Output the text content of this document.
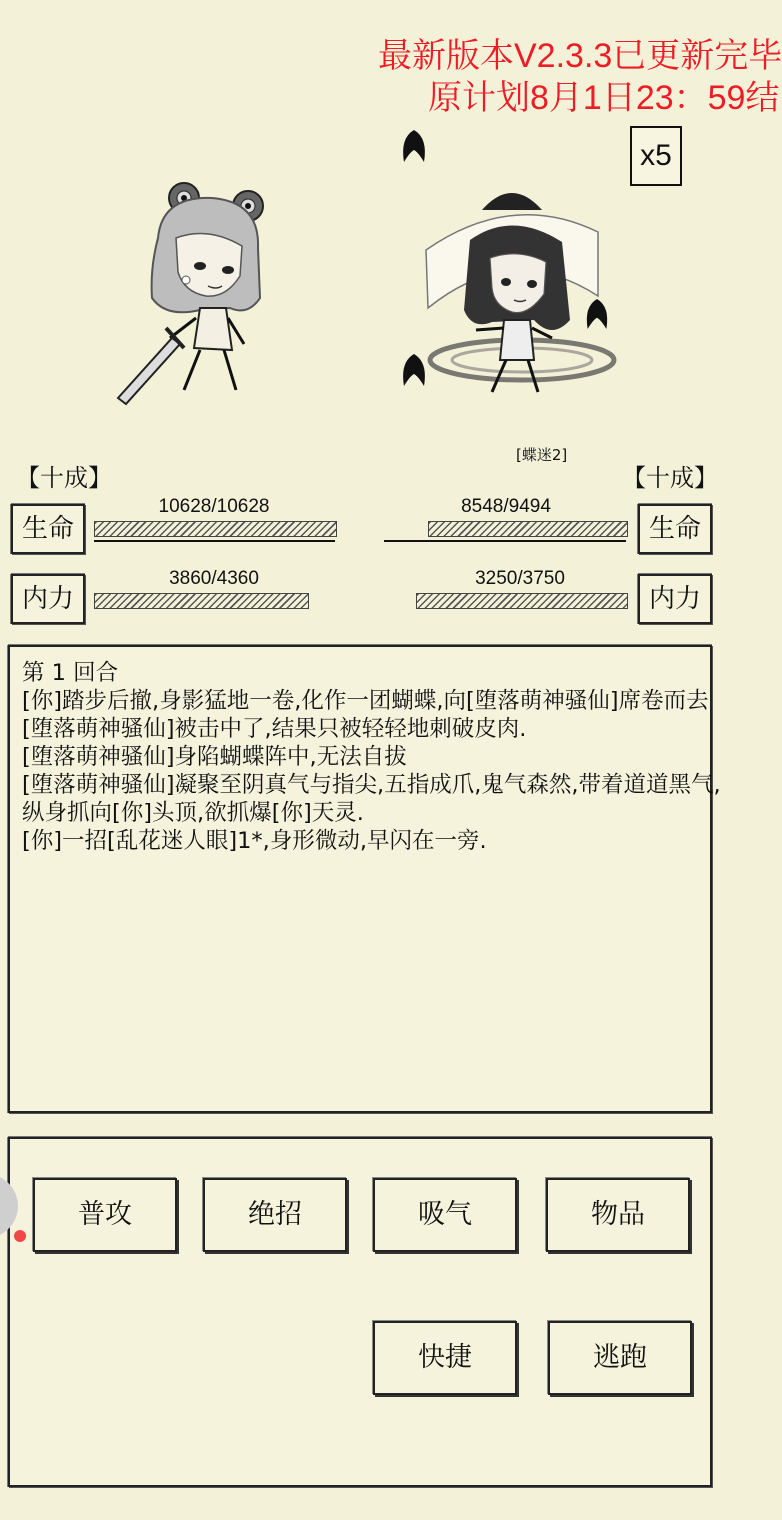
最新版本V2.3.3已更新完毕
原计划8月1日23：59结
x5
【十成】
[蝶迷2]
【十成】
生命
10628/10628	8548/9494
生命
内力
3860/4360	3250/3750
内力
第 1 回合
[你]踏步后撤,身影猛地一卷,化作一团蝴蝶,向[堕落萌神骚仙]席卷而去
[堕落萌神骚仙]被击中了,结果只被轻轻地刺破皮肉.
[堕落萌神骚仙]身陷蝴蝶阵中,无法自拔
[堕落萌神骚仙]凝聚至阴真气与指尖,五指成爪,鬼气森然,带着道道黑气,
纵身抓向[你]头顶,欲抓爆[你]天灵.
[你]一招[乱花迷人眼]1*,身形微动,早闪在一旁.
普攻	绝招	吸气	物品
快捷	逃跑
